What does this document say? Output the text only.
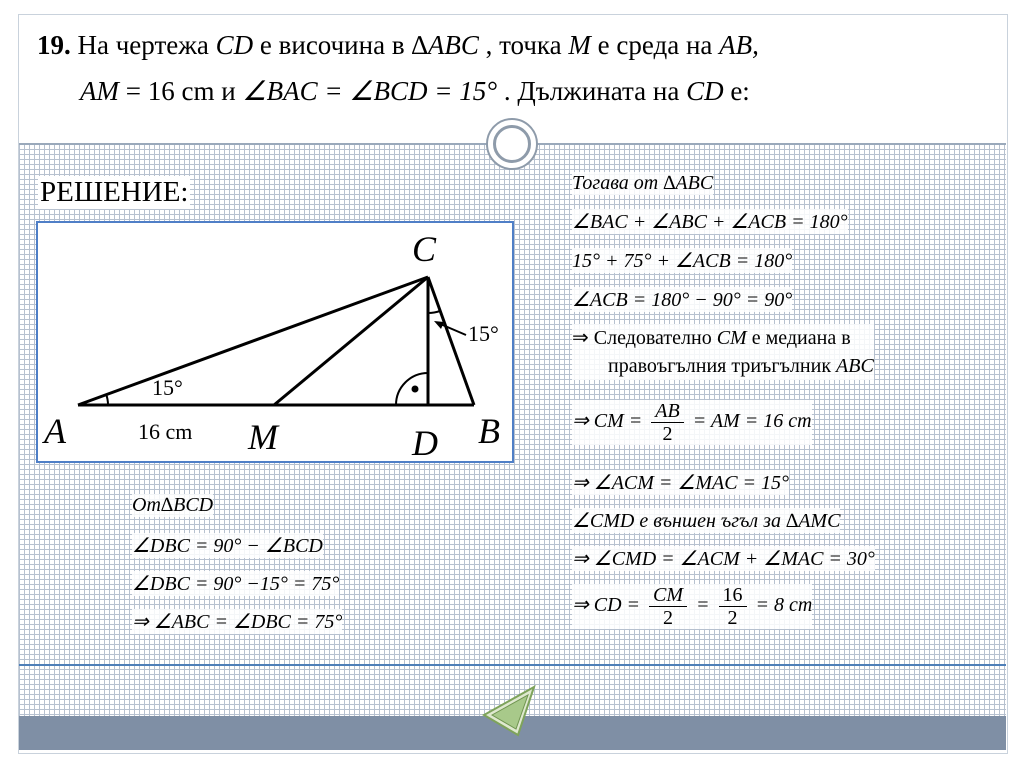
19. На чертежа CD е височина в ∆ABC , точка M е среда на AB,
AM = 16 cm и ∠BAC = ∠BCD = 15° . Дължината на CD е:
РЕШЕНИЕ:
A	B
C
D
M
15°
15°
16 cm
От∆BCD
∠DBC = 90° − ∠BCD
∠DBC = 90° −15° = 75°
⇒ ∠ABC = ∠DBC = 75°
Тогава от ∆ABC
∠BAC + ∠ABC + ∠ACB = 180°
15° + 75° + ∠ACB = 180°
∠ACB = 180° − 90° = 90°
⇒ Следователно CM е медиана в
правоъгълния триъгълник ABC
⇒ CM = $\frac{AB}{2}$ = AM = 16 cm
⇒ ∠ACM = ∠MAC = 15°
∠CMD е външен ъгъл за ∆AMC
⇒ ∠CMD = ∠ACM + ∠MAC = 30°
⇒ CD = $\frac{CM}{2} = \frac{16}{2} = 8$ cm
